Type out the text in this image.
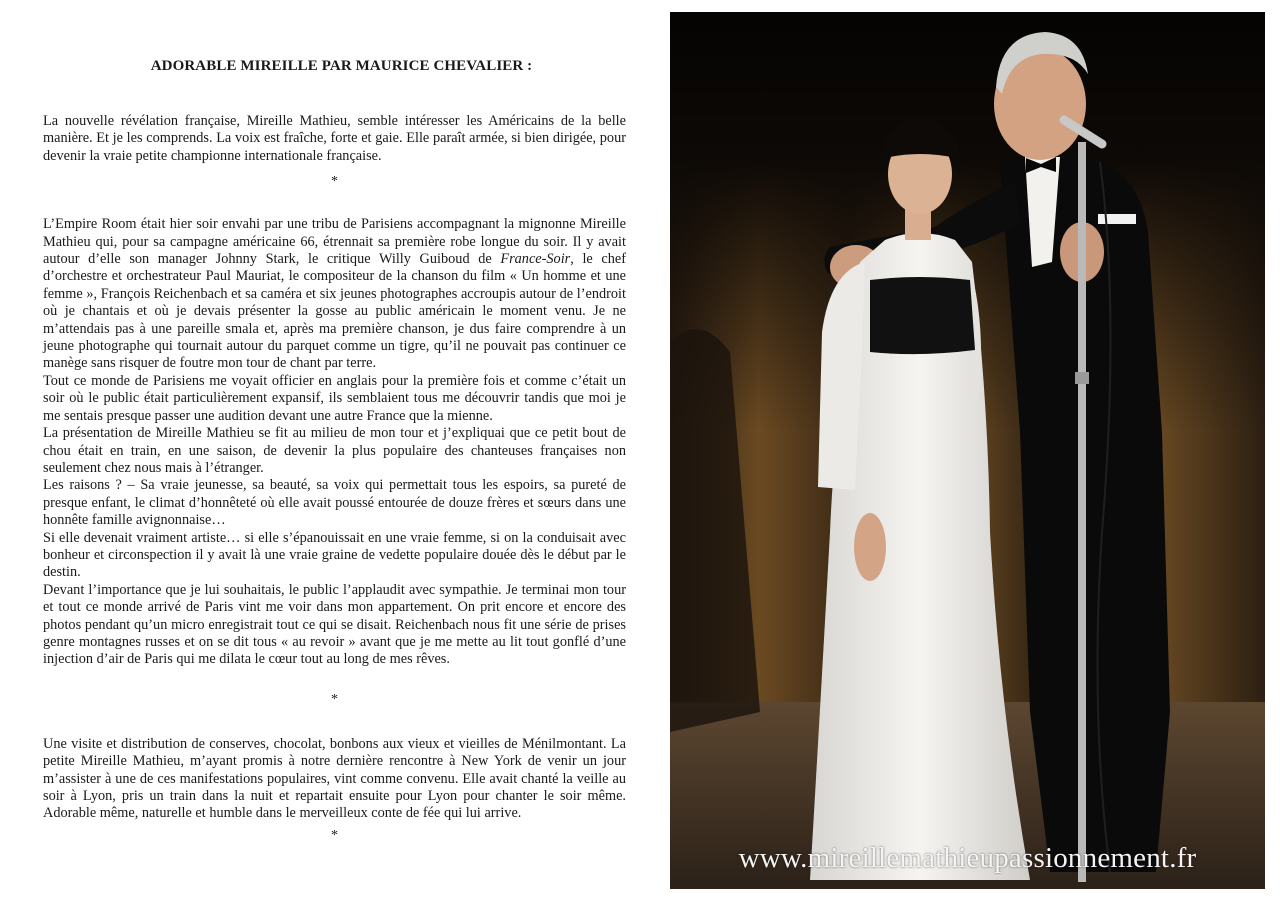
ADORABLE MIREILLE PAR MAURICE CHEVALIER :

La nouvelle révélation française, Mireille Mathieu, semble intéresser les Américains de la belle manière. Et je les comprends. La voix est fraîche, forte et gaie. Elle paraît armée, si bien dirigée, pour devenir la vraie petite championne internationale française.

*

L’Empire Room était hier soir envahi par une tribu de Parisiens accompagnant la mignonne Mireille Mathieu qui, pour sa campagne américaine 66, étrennait sa première robe longue du soir. Il y avait autour d’elle son manager Johnny Stark, le critique Willy Guiboud de France-Soir, le chef d’orchestre et orchestrateur Paul Mauriat, le compositeur de la chanson du film « Un homme et une femme », François Reichenbach et sa caméra et six jeunes photographes accroupis autour de l’endroit où je chantais et où je devais présenter la gosse au public américain le moment venu. Je ne m’attendais pas à une pareille smala et, après ma première chanson, je dus faire comprendre à un jeune photographe qui tournait autour du parquet comme un tigre, qu’il ne pouvait pas continuer ce manège sans risquer de foutre mon tour de chant par terre.

Tout ce monde de Parisiens me voyait officier en anglais pour la première fois et comme c’était un soir où le public était particulièrement expansif, ils semblaient tous me découvrir tandis que moi je me sentais presque passer une audition devant une autre France que la mienne.

La présentation de Mireille Mathieu se fit au milieu de mon tour et j’expliquai que ce petit bout de chou était en train, en une saison, de devenir la plus populaire des chanteuses françaises non seulement chez nous mais à l’étranger.

Les raisons ? – Sa vraie jeunesse, sa beauté, sa voix qui permettait tous les espoirs, sa pureté de presque enfant, le climat d’honnêteté où elle avait poussé entourée de douze frères et sœurs dans une honnête famille avignonnaise…

Si elle devenait vraiment artiste… si elle s’épanouissait en une vraie femme, si on la conduisait avec bonheur et circonspection il y avait là une vraie graine de vedette populaire douée dès le début par le destin.

Devant l’importance que je lui souhaitais, le public l’applaudit avec sympathie. Je terminai mon tour et tout ce monde arrivé de Paris vint me voir dans mon appartement. On prit encore et encore des photos pendant qu’un micro enregistrait tout ce qui se disait. Reichenbach nous fit une série de prises genre montagnes russes et on se dit tous « au revoir » avant que je me mette au lit tout gonflé d’une injection d’air de Paris qui me dilata le cœur tout au long de mes rêves.

*

Une visite et distribution de conserves, chocolat, bonbons aux vieux et vieilles de Ménilmontant. La petite Mireille Mathieu, m’ayant promis à notre dernière rencontre à New York de venir un jour m’assister à une de ces manifestations populaires, vint comme convenu. Elle avait chanté la veille au soir à Lyon, pris un train dans la nuit et repartait ensuite pour Lyon pour chanter le soir même. Adorable même, naturelle et humble dans le merveilleux conte de fée qui lui arrive.

*

www.mireillemathieupassionnement.fr
